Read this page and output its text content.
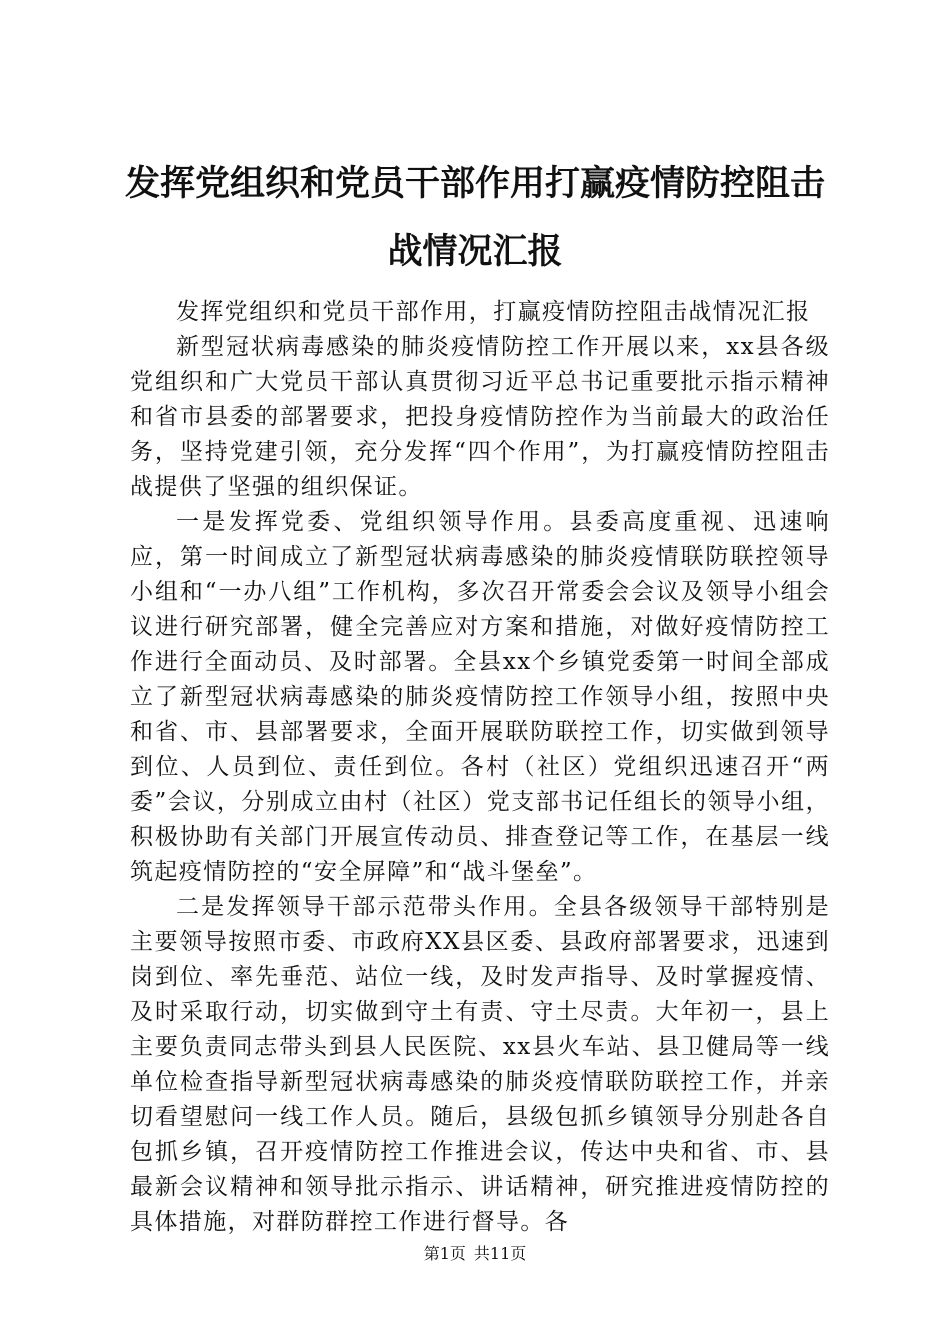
发挥党组织和党员干部作用打赢疫情防控阻击
战情况汇报

发挥党组织和党员干部作用，打赢疫情防控阻击战情况汇报

新型冠状病毒感染的肺炎疫情防控工作开展以来，xx县各级党组织和广大党员干部认真贯彻习近平总书记重要批示指示精神和省市县委的部署要求，把投身疫情防控作为当前最大的政治任务，坚持党建引领，充分发挥“四个作用”，为打赢疫情防控阻击战提供了坚强的组织保证。

一是发挥党委、党组织领导作用。县委高度重视、迅速响应，第一时间成立了新型冠状病毒感染的肺炎疫情联防联控领导小组和“一办八组”工作机构，多次召开常委会会议及领导小组会议进行研究部署，健全完善应对方案和措施，对做好疫情防控工作进行全面动员、及时部署。全县xx个乡镇党委第一时间全部成立了新型冠状病毒感染的肺炎疫情防控工作领导小组，按照中央和省、市、县部署要求，全面开展联防联控工作，切实做到领导到位、人员到位、责任到位。各村（社区）党组织迅速召开“两委”会议，分别成立由村（社区）党支部书记任组长的领导小组，积极协助有关部门开展宣传动员、排查登记等工作，在基层一线筑起疫情防控的“安全屏障”和“战斗堡垒”。

二是发挥领导干部示范带头作用。全县各级领导干部特别是主要领导按照市委、市政府XX县区委、县政府部署要求，迅速到岗到位、率先垂范、站位一线，及时发声指导、及时掌握疫情、及时采取行动，切实做到守土有责、守土尽责。大年初一，县上主要负责同志带头到县人民医院、xx县火车站、县卫健局等一线单位检查指导新型冠状病毒感染的肺炎疫情联防联控工作，并亲切看望慰问一线工作人员。随后，县级包抓乡镇领导分别赴各自包抓乡镇，召开疫情防控工作推进会议，传达中央和省、市、县最新会议精神和领导批示指示、讲话精神，研究推进疫情防控的具体措施，对群防群控工作进行督导。各

第1页 共11页
